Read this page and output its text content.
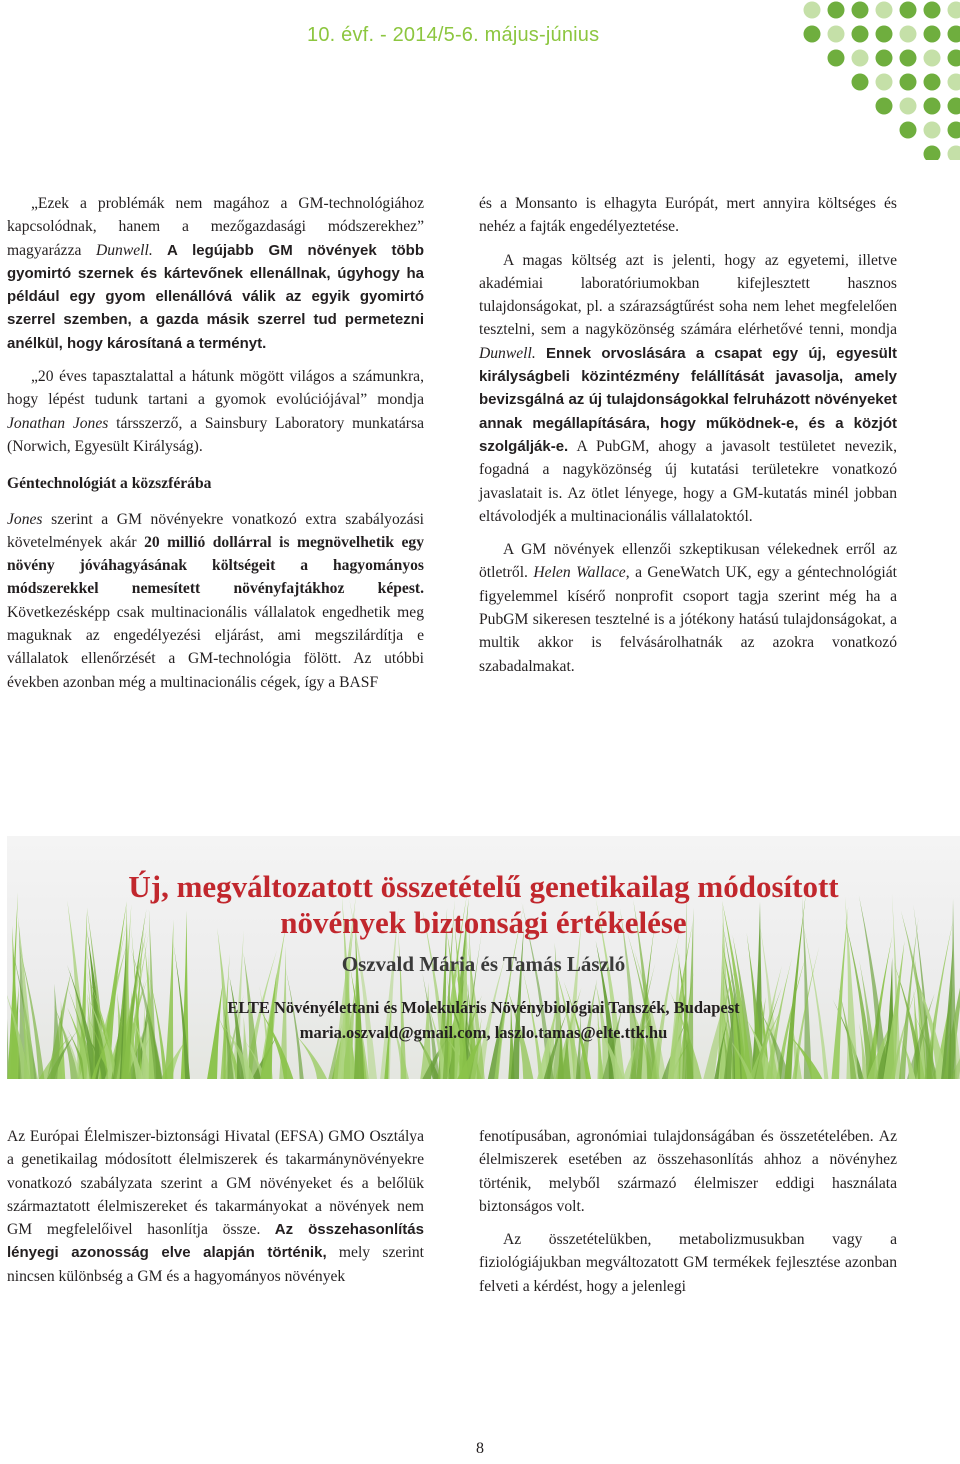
10. évf. - 2014/5-6. május-június

„Ezek a problémák nem magához a GM-technológiához kapcsolódnak, hanem a mezőgazdasági módszerekhez” magyarázza Dunwell. A legújabb GM növények több gyomirtó szernek és kártevőnek ellenállnak, úgyhogy ha például egy gyom ellenállóvá válik az egyik gyomirtó szerrel szemben, a gazda másik szerrel tud permetezni anélkül, hogy károsítaná a terményt.

„20 éves tapasztalattal a hátunk mögött világos a számunkra, hogy lépést tudunk tartani a gyomok evolúciójával” mondja Jonathan Jones társszerző, a Sainsbury Laboratory munkatársa (Norwich, Egyesült Királyság).

Géntechnológiát a közszférába

Jones szerint a GM növényekre vonatkozó extra szabályozási követelmények akár 20 millió dollárral is megnövelhetik egy növény jóváhagyásának költségeit a hagyományos módszerekkel nemesített növényfajtákhoz képest. Következésképp csak multinacionális vállalatok engedhetik meg maguknak az engedélyezési eljárást, ami megszilárdítja e vállalatok ellenőrzését a GM-technológia fölött. Az utóbbi években azonban még a multinacionális cégek, így a BASF

és a Monsanto is elhagyta Európát, mert annyira költséges és nehéz a fajták engedélyeztetése.

A magas költség azt is jelenti, hogy az egyetemi, illetve akadémiai laboratóriumokban kifejlesztett hasznos tulajdonságokat, pl. a szárazságtűrést soha nem lehet megfelelően tesztelni, sem a nagyközönség számára elérhetővé tenni, mondja Dunwell. Ennek orvoslására a csapat egy új, egyesült királyságbeli közintézmény felállítását javasolja, amely bevizsgálná az új tulajdonságokkal felruházott növényeket annak megállapítására, hogy működnek-e, és a közjót szolgálják-e. A PubGM, ahogy a javasolt testületet nevezik, fogadná a nagyközönség új kutatási területekre vonatkozó javaslatait is. Az ötlet lényege, hogy a GM-kutatás minél jobban eltávolodjék a multinacionális vállalatoktól.

A GM növények ellenzői szkeptikusan vélekednek erről az ötletről. Helen Wallace, a GeneWatch UK, egy a géntechnológiát figyelemmel kísérő nonprofit csoport tagja szerint még ha a PubGM sikeresen tesztelné is a jótékony hatású tulajdonságokat, a multik akkor is felvásárolhatnák az azokra vonatkozó szabadalmakat.

Új, megváltozatott összetételű genetikailag módosított
növények biztonsági értékelése
Oszvald Mária és Tamás László
ELTE Növényélettani és Molekuláris Növénybiológiai Tanszék, Budapest
maria.oszvald@gmail.com, laszlo.tamas@elte.ttk.hu

Az Európai Élelmiszer-biztonsági Hivatal (EFSA) GMO Osztálya a genetikailag módosított élelmiszerek és takarmánynövényekre vonatkozó szabályzata szerint a GM növényeket és a belőlük származtatott élelmiszereket és takarmányokat a növények nem GM megfelelőivel hasonlítja össze. Az összehasonlítás lényegi azonosság elve alapján történik, mely szerint nincsen különbség a GM és a hagyományos növények

fenotípusában, agronómiai tulajdonságában és összetételében. Az élelmiszerek esetében az összehasonlítás ahhoz a növényhez történik, melyből származó élelmiszer eddigi használata biztonságos volt.

Az összetételükben, metabolizmusukban vagy a fiziológiájukban megváltozatott GM termékek fejlesztése azonban felveti a kérdést, hogy a jelenlegi

8
